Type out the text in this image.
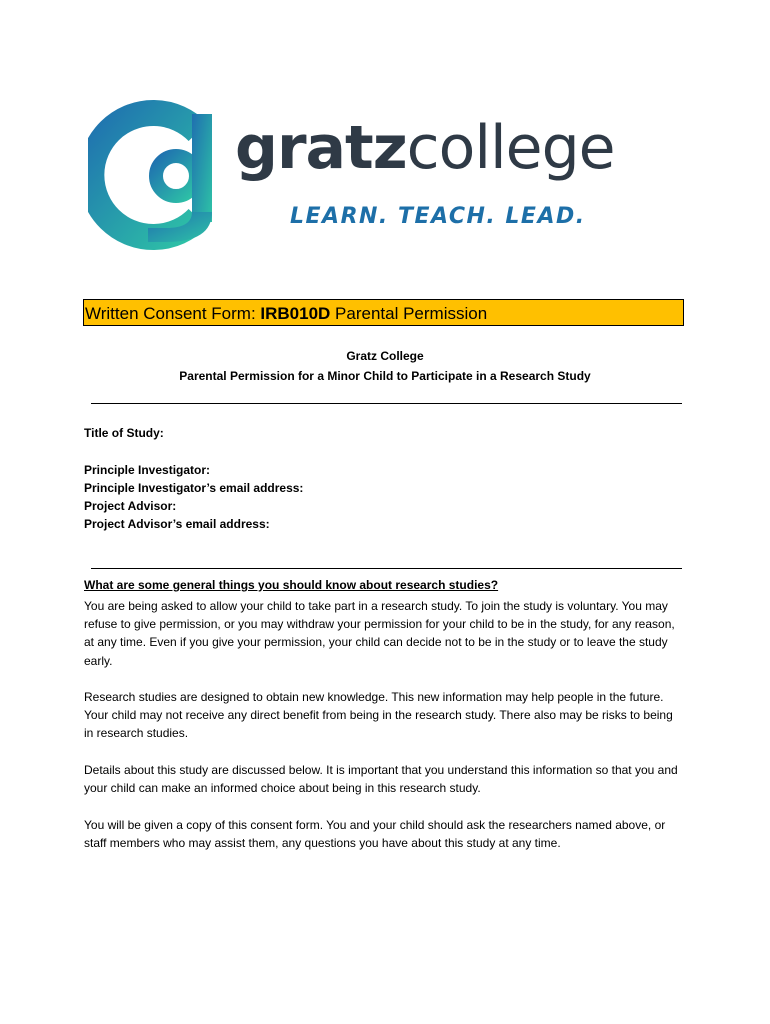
gratzcollege
LEARN. TEACH. LEAD.
Written Consent Form: IRB010D Parental Permission
Gratz College
Parental Permission for a Minor Child to Participate in a Research Study
Title of Study:
Principle Investigator:
Principle Investigator’s email address:
Project Advisor:
Project Advisor’s email address:
What are some general things you should know about research studies?
You are being asked to allow your child to take part in a research study. To join the study is voluntary. You may refuse to give permission, or you may withdraw your permission for your child to be in the study, for any reason, at any time. Even if you give your permission, your child can decide not to be in the study or to leave the study early.
Research studies are designed to obtain new knowledge. This new information may help people in the future. Your child may not receive any direct benefit from being in the research study. There also may be risks to being in research studies.
Details about this study are discussed below. It is important that you understand this information so that you and your child can make an informed choice about being in this research study.
You will be given a copy of this consent form. You and your child should ask the researchers named above, or staff members who may assist them, any questions you have about this study at any time.
